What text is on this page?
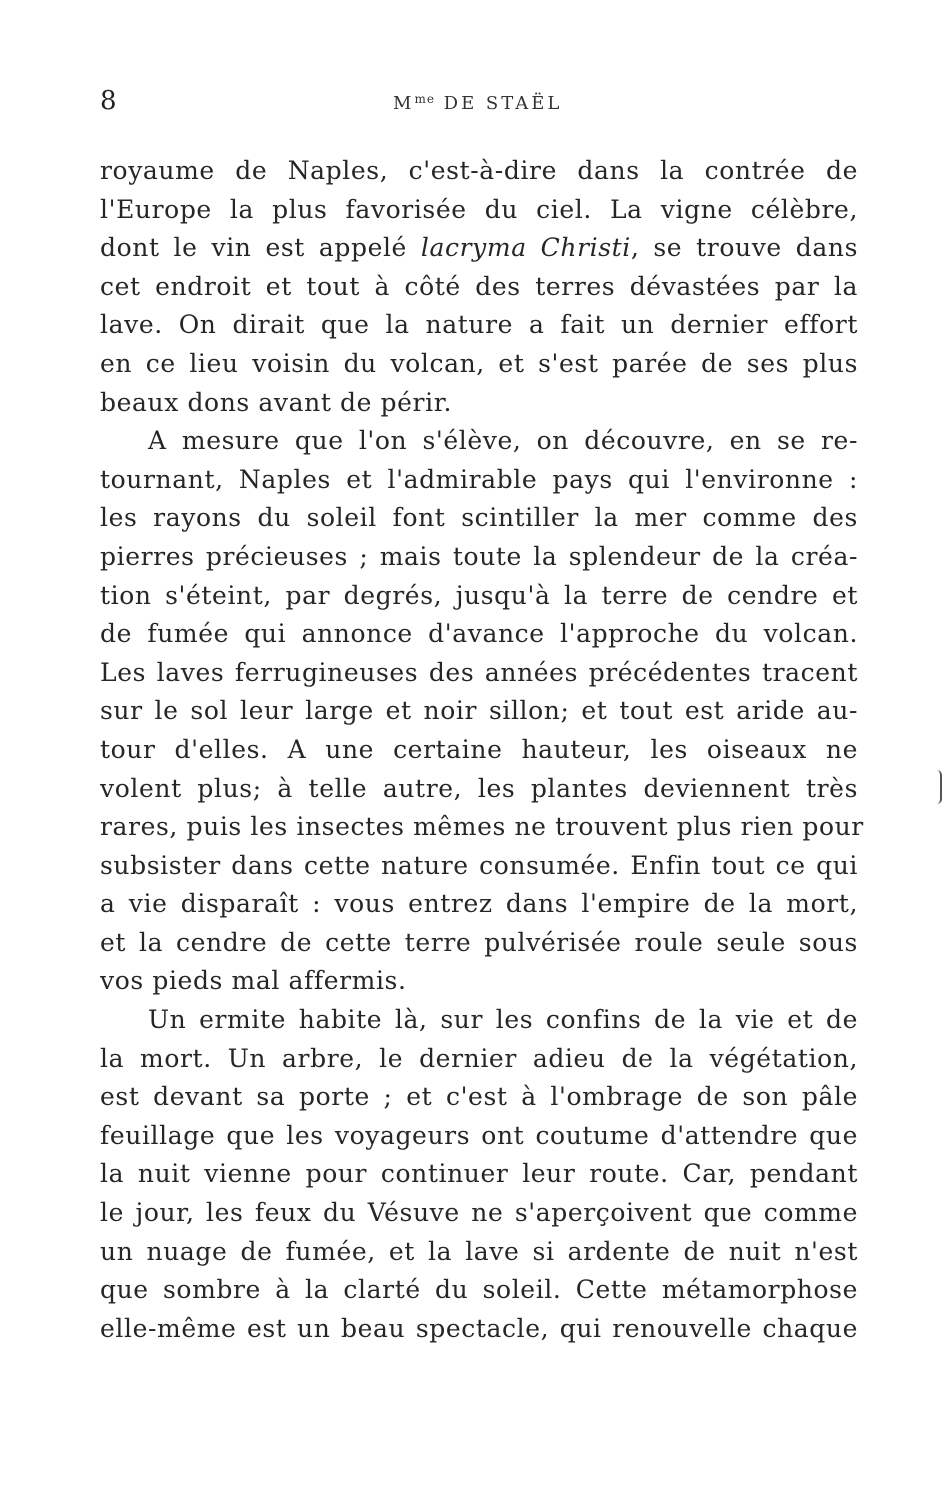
8	$M^{me}$ DE STAËL
royaume de Naples, c'est-à-dire dans la contrée de
l'Europe la plus favorisée du ciel. La vigne célèbre,
dont le vin est appelé lacryma Christi, se trouve dans
cet endroit et tout à côté des terres dévastées par la
lave. On dirait que la nature a fait un dernier effort
en ce lieu voisin du volcan, et s'est parée de ses plus
beaux dons avant de périr.
A mesure que l'on s'élève, on découvre, en se re-
tournant, Naples et l'admirable pays qui l'environne :
les rayons du soleil font scintiller la mer comme des
pierres précieuses ; mais toute la splendeur de la créa-
tion s'éteint, par degrés, jusqu'à la terre de cendre et
de fumée qui annonce d'avance l'approche du volcan.
Les laves ferrugineuses des années précédentes tracent
sur le sol leur large et noir sillon; et tout est aride au-
tour d'elles. A une certaine hauteur, les oiseaux ne
volent plus; à telle autre, les plantes deviennent très
rares, puis les insectes mêmes ne trouvent plus rien pour
subsister dans cette nature consumée. Enfin tout ce qui
a vie disparaît : vous entrez dans l'empire de la mort,
et la cendre de cette terre pulvérisée roule seule sous
vos pieds mal affermis.
Un ermite habite là, sur les confins de la vie et de
la mort. Un arbre, le dernier adieu de la végétation,
est devant sa porte ; et c'est à l'ombrage de son pâle
feuillage que les voyageurs ont coutume d'attendre que
la nuit vienne pour continuer leur route. Car, pendant
le jour, les feux du Vésuve ne s'aperçoivent que comme
un nuage de fumée, et la lave si ardente de nuit n'est
que sombre à la clarté du soleil. Cette métamorphose
elle-même est un beau spectacle, qui renouvelle chaque
